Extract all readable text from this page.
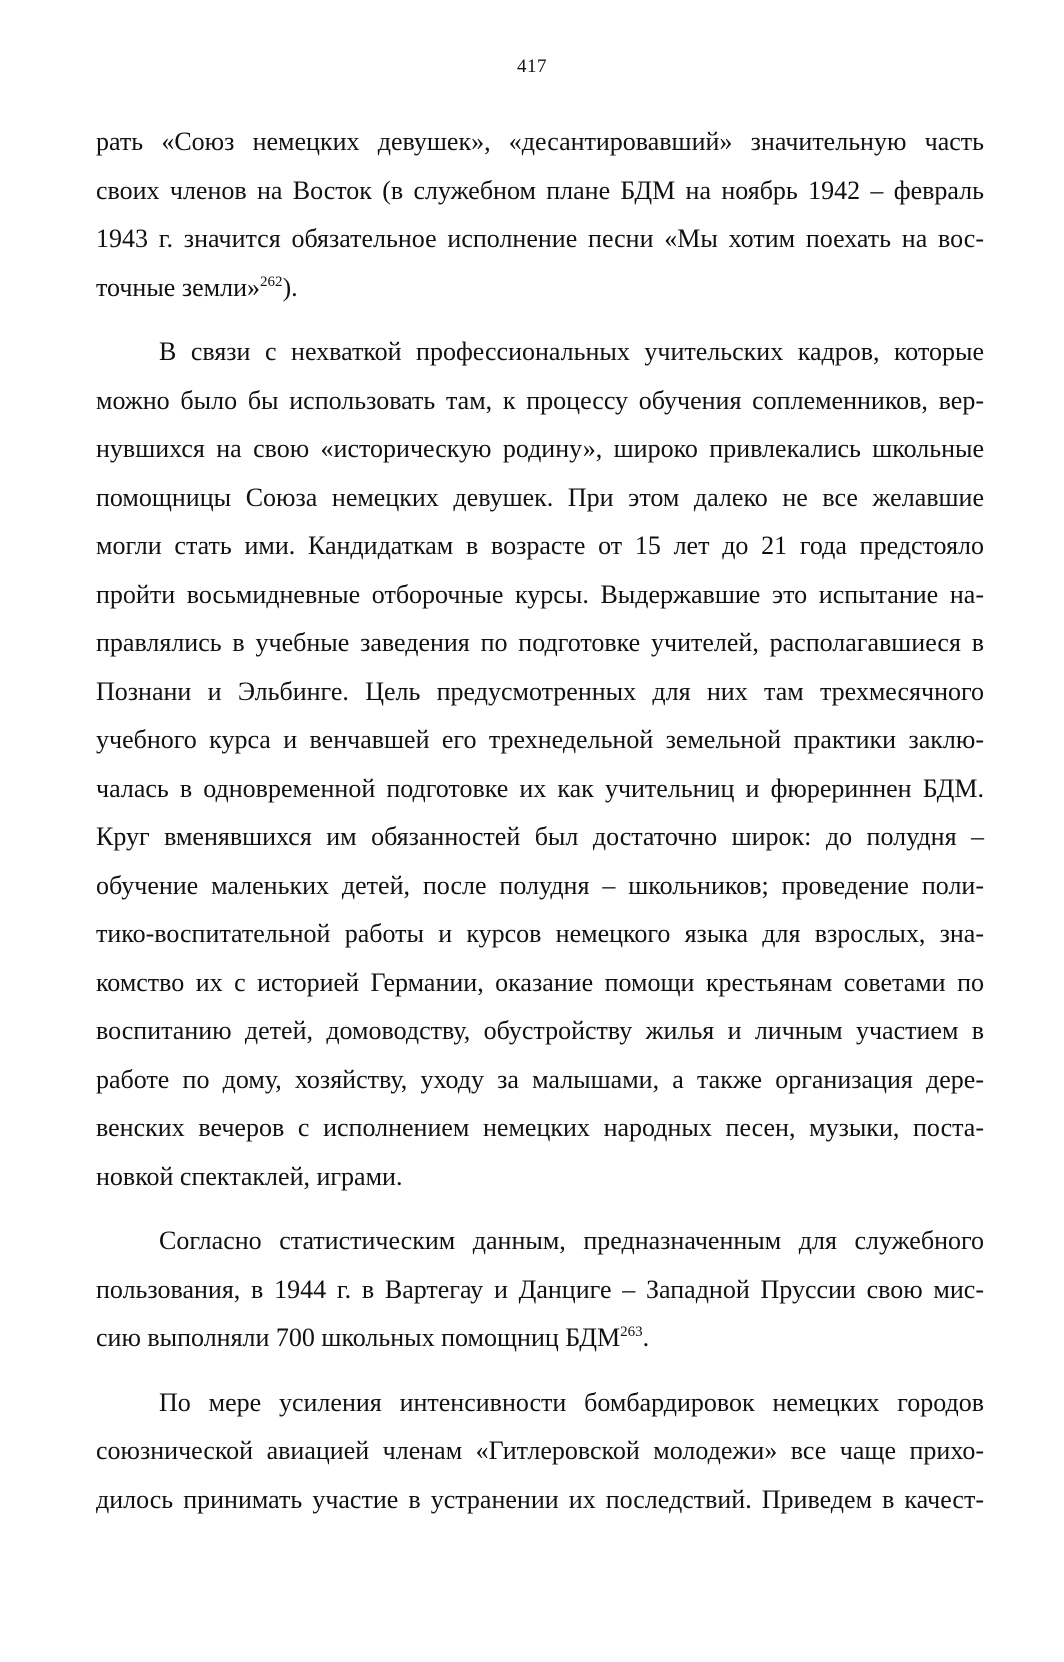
417
рать «Союз немецких девушек», «десантировавший» значительную часть
своих членов на Восток (в служебном плане БДМ на ноябрь 1942 – февраль
1943 г. значится обязательное исполнение песни «Мы хотим поехать на вос-
точные земли»$^{262}$).
В связи с нехваткой профессиональных учительских кадров, которые
можно было бы использовать там, к процессу обучения соплеменников, вер-
нувшихся на свою «историческую родину», широко привлекались школьные
помощницы Союза немецких девушек. При этом далеко не все желавшие
могли стать ими. Кандидаткам в возрасте от 15 лет до 21 года предстояло
пройти восьмидневные отборочные курсы. Выдержавшие это испытание на-
правлялись в учебные заведения по подготовке учителей, располагавшиеся в
Познани и Эльбинге. Цель предусмотренных для них там трехмесячного
учебного курса и венчавшей его трехнедельной земельной практики заклю-
чалась в одновременной подготовке их как учительниц и фюрериннен БДМ.
Круг вменявшихся им обязанностей был достаточно широк: до полудня –
обучение маленьких детей, после полудня – школьников; проведение поли-
тико-воспитательной работы и курсов немецкого языка для взрослых, зна-
комство их с историей Германии, оказание помощи крестьянам советами по
воспитанию детей, домоводству, обустройству жилья и личным участием в
работе по дому, хозяйству, уходу за малышами, а также организация дере-
венских вечеров с исполнением немецких народных песен, музыки, поста-
новкой спектаклей, играми.
Согласно статистическим данным, предназначенным для служебного
пользования, в 1944 г. в Вартегау и Данциге – Западной Пруссии свою мис-
сию выполняли 700 школьных помощниц БДМ$^{263}$.
По мере усиления интенсивности бомбардировок немецких городов
союзнической авиацией членам «Гитлеровской молодежи» все чаще прихо-
дилось принимать участие в устранении их последствий. Приведем в качест-
